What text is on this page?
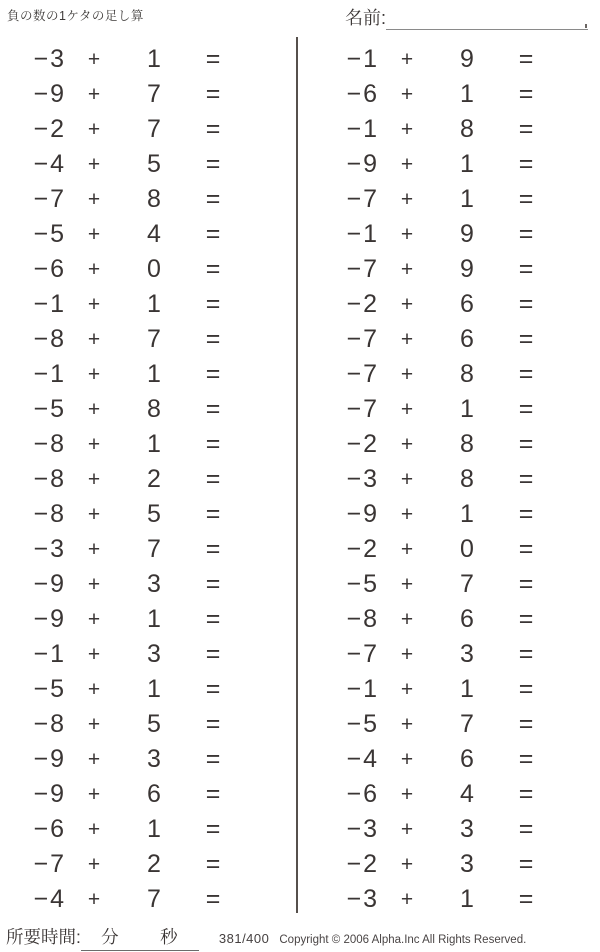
負の数の1ケタの足し算	名前:
−3	+	1	=
−9	+	7	=
−2	+	7	=
−4	+	5	=
−7	+	8	=
−5	+	4	=
−6	+	0	=
−1	+	1	=
−8	+	7	=
−1	+	1	=
−5	+	8	=
−8	+	1	=
−8	+	2	=
−8	+	5	=
−3	+	7	=
−9	+	3	=
−9	+	1	=
−1	+	3	=
−5	+	1	=
−8	+	5	=
−9	+	3	=
−9	+	6	=
−6	+	1	=
−7	+	2	=
−4	+	7	=
−1	+	9	=
−6	+	1	=
−1	+	8	=
−9	+	1	=
−7	+	1	=
−1	+	9	=
−7	+	9	=
−2	+	6	=
−7	+	6	=
−7	+	8	=
−7	+	1	=
−2	+	8	=
−3	+	8	=
−9	+	1	=
−2	+	0	=
−5	+	7	=
−8	+	6	=
−7	+	3	=
−1	+	1	=
−5	+	7	=
−4	+	6	=
−6	+	4	=
−3	+	3	=
−2	+	3	=
−3	+	1	=
所要時間: 分 秒	381/400 Copyright © 2006 Alpha.Inc All Rights Reserved.
